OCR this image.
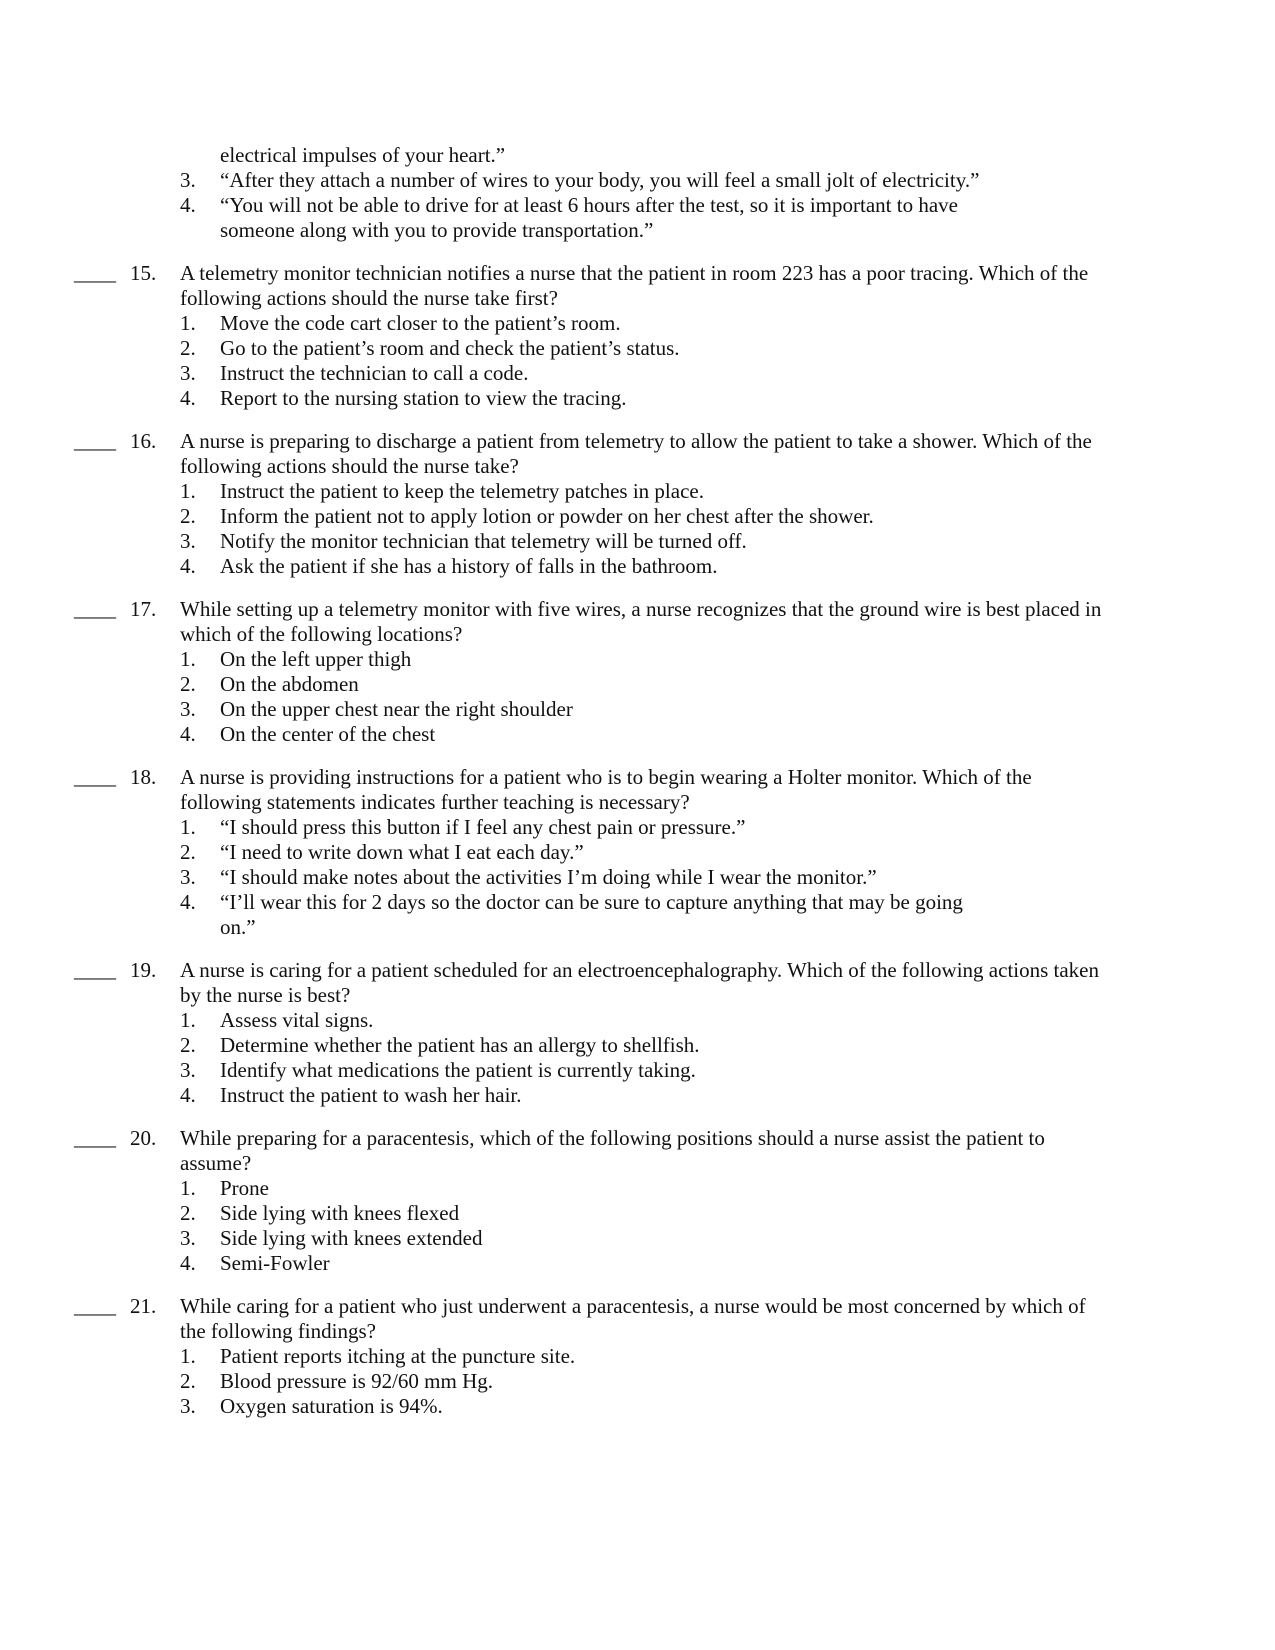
electrical impulses of your heart.”
3.	“After they attach a number of wires to your body, you will feel a small jolt of electricity.”
4.	“You will not be able to drive for at least 6 hours after the test, so it is important to have
someone along with you to provide transportation.”
____ 15.	A telemetry monitor technician notifies a nurse that the patient in room 223 has a poor tracing. Which of the
following actions should the nurse take first?
1.	Move the code cart closer to the patient’s room.
2.	Go to the patient’s room and check the patient’s status.
3.	Instruct the technician to call a code.
4.	Report to the nursing station to view the tracing.
____ 16.	A nurse is preparing to discharge a patient from telemetry to allow the patient to take a shower. Which of the
following actions should the nurse take?
1.	Instruct the patient to keep the telemetry patches in place.
2.	Inform the patient not to apply lotion or powder on her chest after the shower.
3.	Notify the monitor technician that telemetry will be turned off.
4.	Ask the patient if she has a history of falls in the bathroom.
____ 17.	While setting up a telemetry monitor with five wires, a nurse recognizes that the ground wire is best placed in
which of the following locations?
1.	On the left upper thigh
2.	On the abdomen
3.	On the upper chest near the right shoulder
4.	On the center of the chest
____ 18.	A nurse is providing instructions for a patient who is to begin wearing a Holter monitor. Which of the
following statements indicates further teaching is necessary?
1.	“I should press this button if I feel any chest pain or pressure.”
2.	“I need to write down what I eat each day.”
3.	“I should make notes about the activities I’m doing while I wear the monitor.”
4.	“I’ll wear this for 2 days so the doctor can be sure to capture anything that may be going
on.”
____ 19.	A nurse is caring for a patient scheduled for an electroencephalography. Which of the following actions taken
by the nurse is best?
1.	Assess vital signs.
2.	Determine whether the patient has an allergy to shellfish.
3.	Identify what medications the patient is currently taking.
4.	Instruct the patient to wash her hair.
____ 20.	While preparing for a paracentesis, which of the following positions should a nurse assist the patient to
assume?
1.	Prone
2.	Side lying with knees flexed
3.	Side lying with knees extended
4.	Semi-Fowler
____ 21.	While caring for a patient who just underwent a paracentesis, a nurse would be most concerned by which of
the following findings?
1.	Patient reports itching at the puncture site.
2.	Blood pressure is 92/60 mm Hg.
3.	Oxygen saturation is 94%.
